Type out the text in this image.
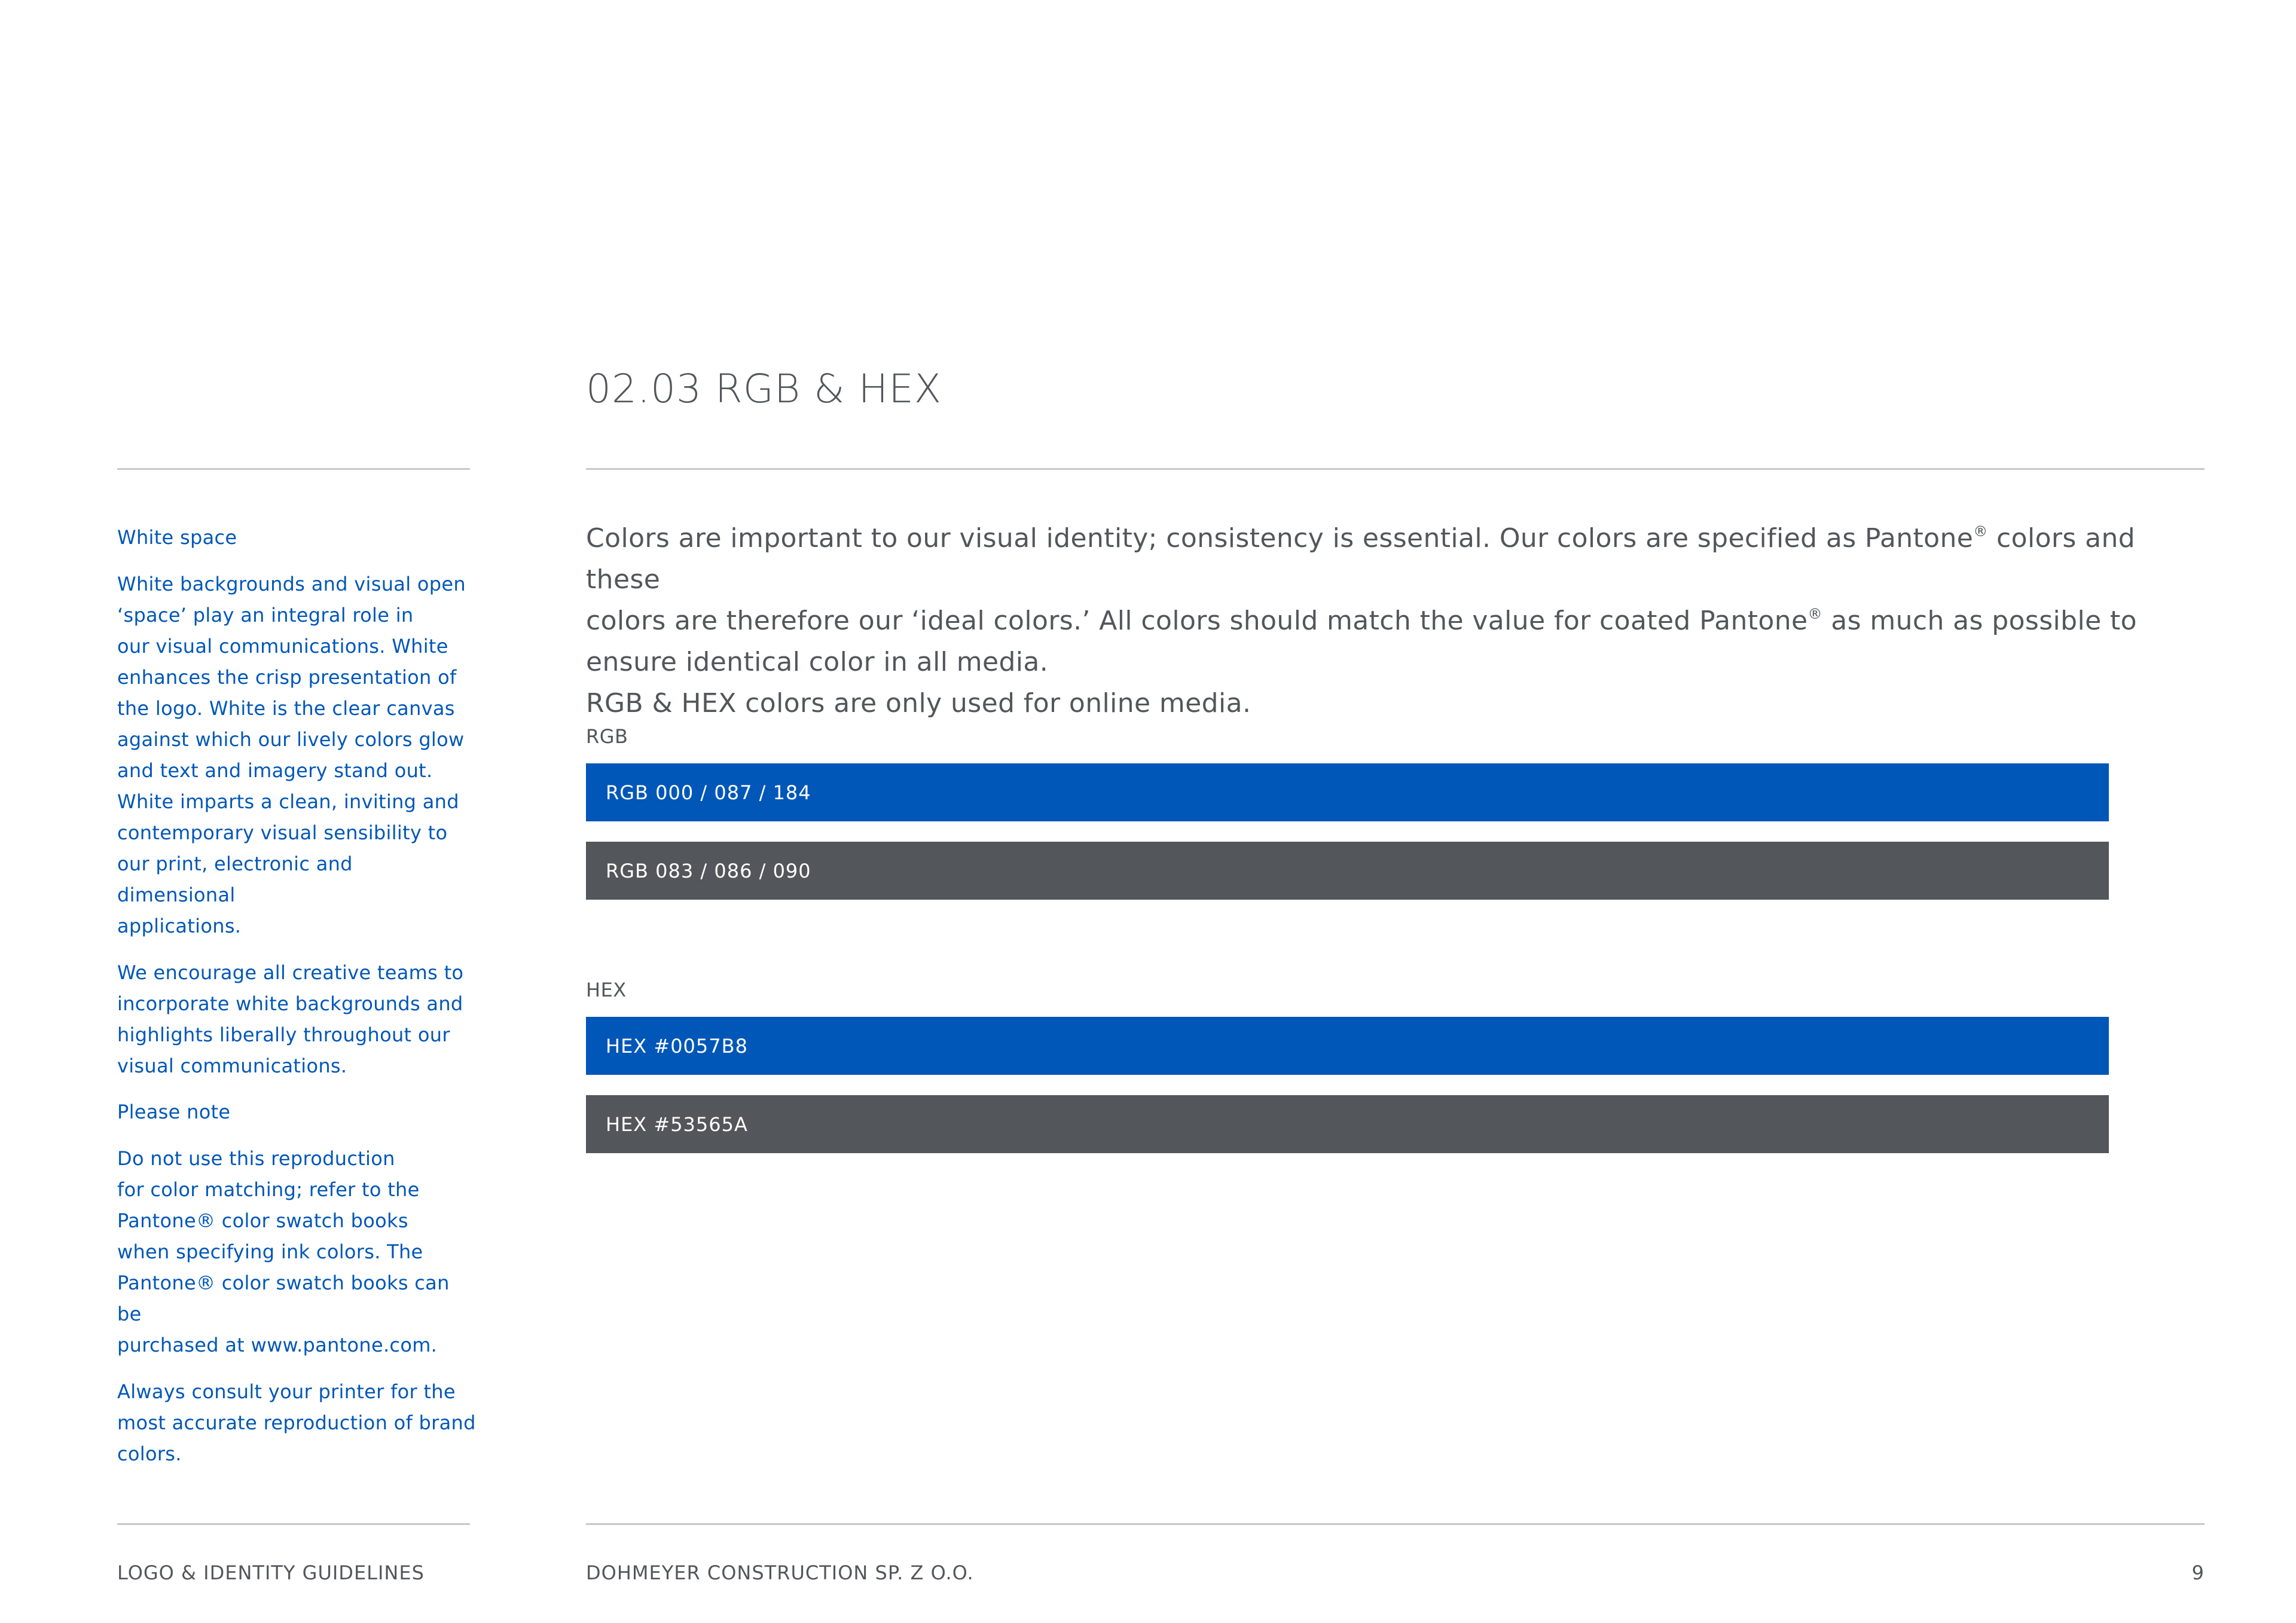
02.03 RGB & HEX

White space

White backgrounds and visual open
‘space’ play an integral role in
our visual communications. White
enhances the crisp presentation of
the logo. White is the clear canvas
against which our lively colors glow
and text and imagery stand out.
White imparts a clean, inviting and
contemporary visual sensibility to
our print, electronic and dimensional
applications.

We encourage all creative teams to
incorporate white backgrounds and
highlights liberally throughout our
visual communications.

Please note

Do not use this reproduction
for color matching; refer to the
Pantone® color swatch books
when specifying ink colors. The
Pantone® color swatch books can be
purchased at www.pantone.com.

Always consult your printer for the
most accurate reproduction of brand
colors.

Colors are important to our visual identity; consistency is essential. Our colors are specified as Pantone® colors and these

colors are therefore our ‘ideal colors.’ All colors should match the value for coated Pantone® as much as possible to

ensure identical color in all media.

RGB & HEX colors are only used for online media.

RGB
RGB 000 / 087 / 184
RGB 083 / 086 / 090
HEX
HEX #0057B8
HEX #53565A
LOGO & IDENTITY GUIDELINES	DOHMEYER CONSTRUCTION SP. Z O.O.	9
